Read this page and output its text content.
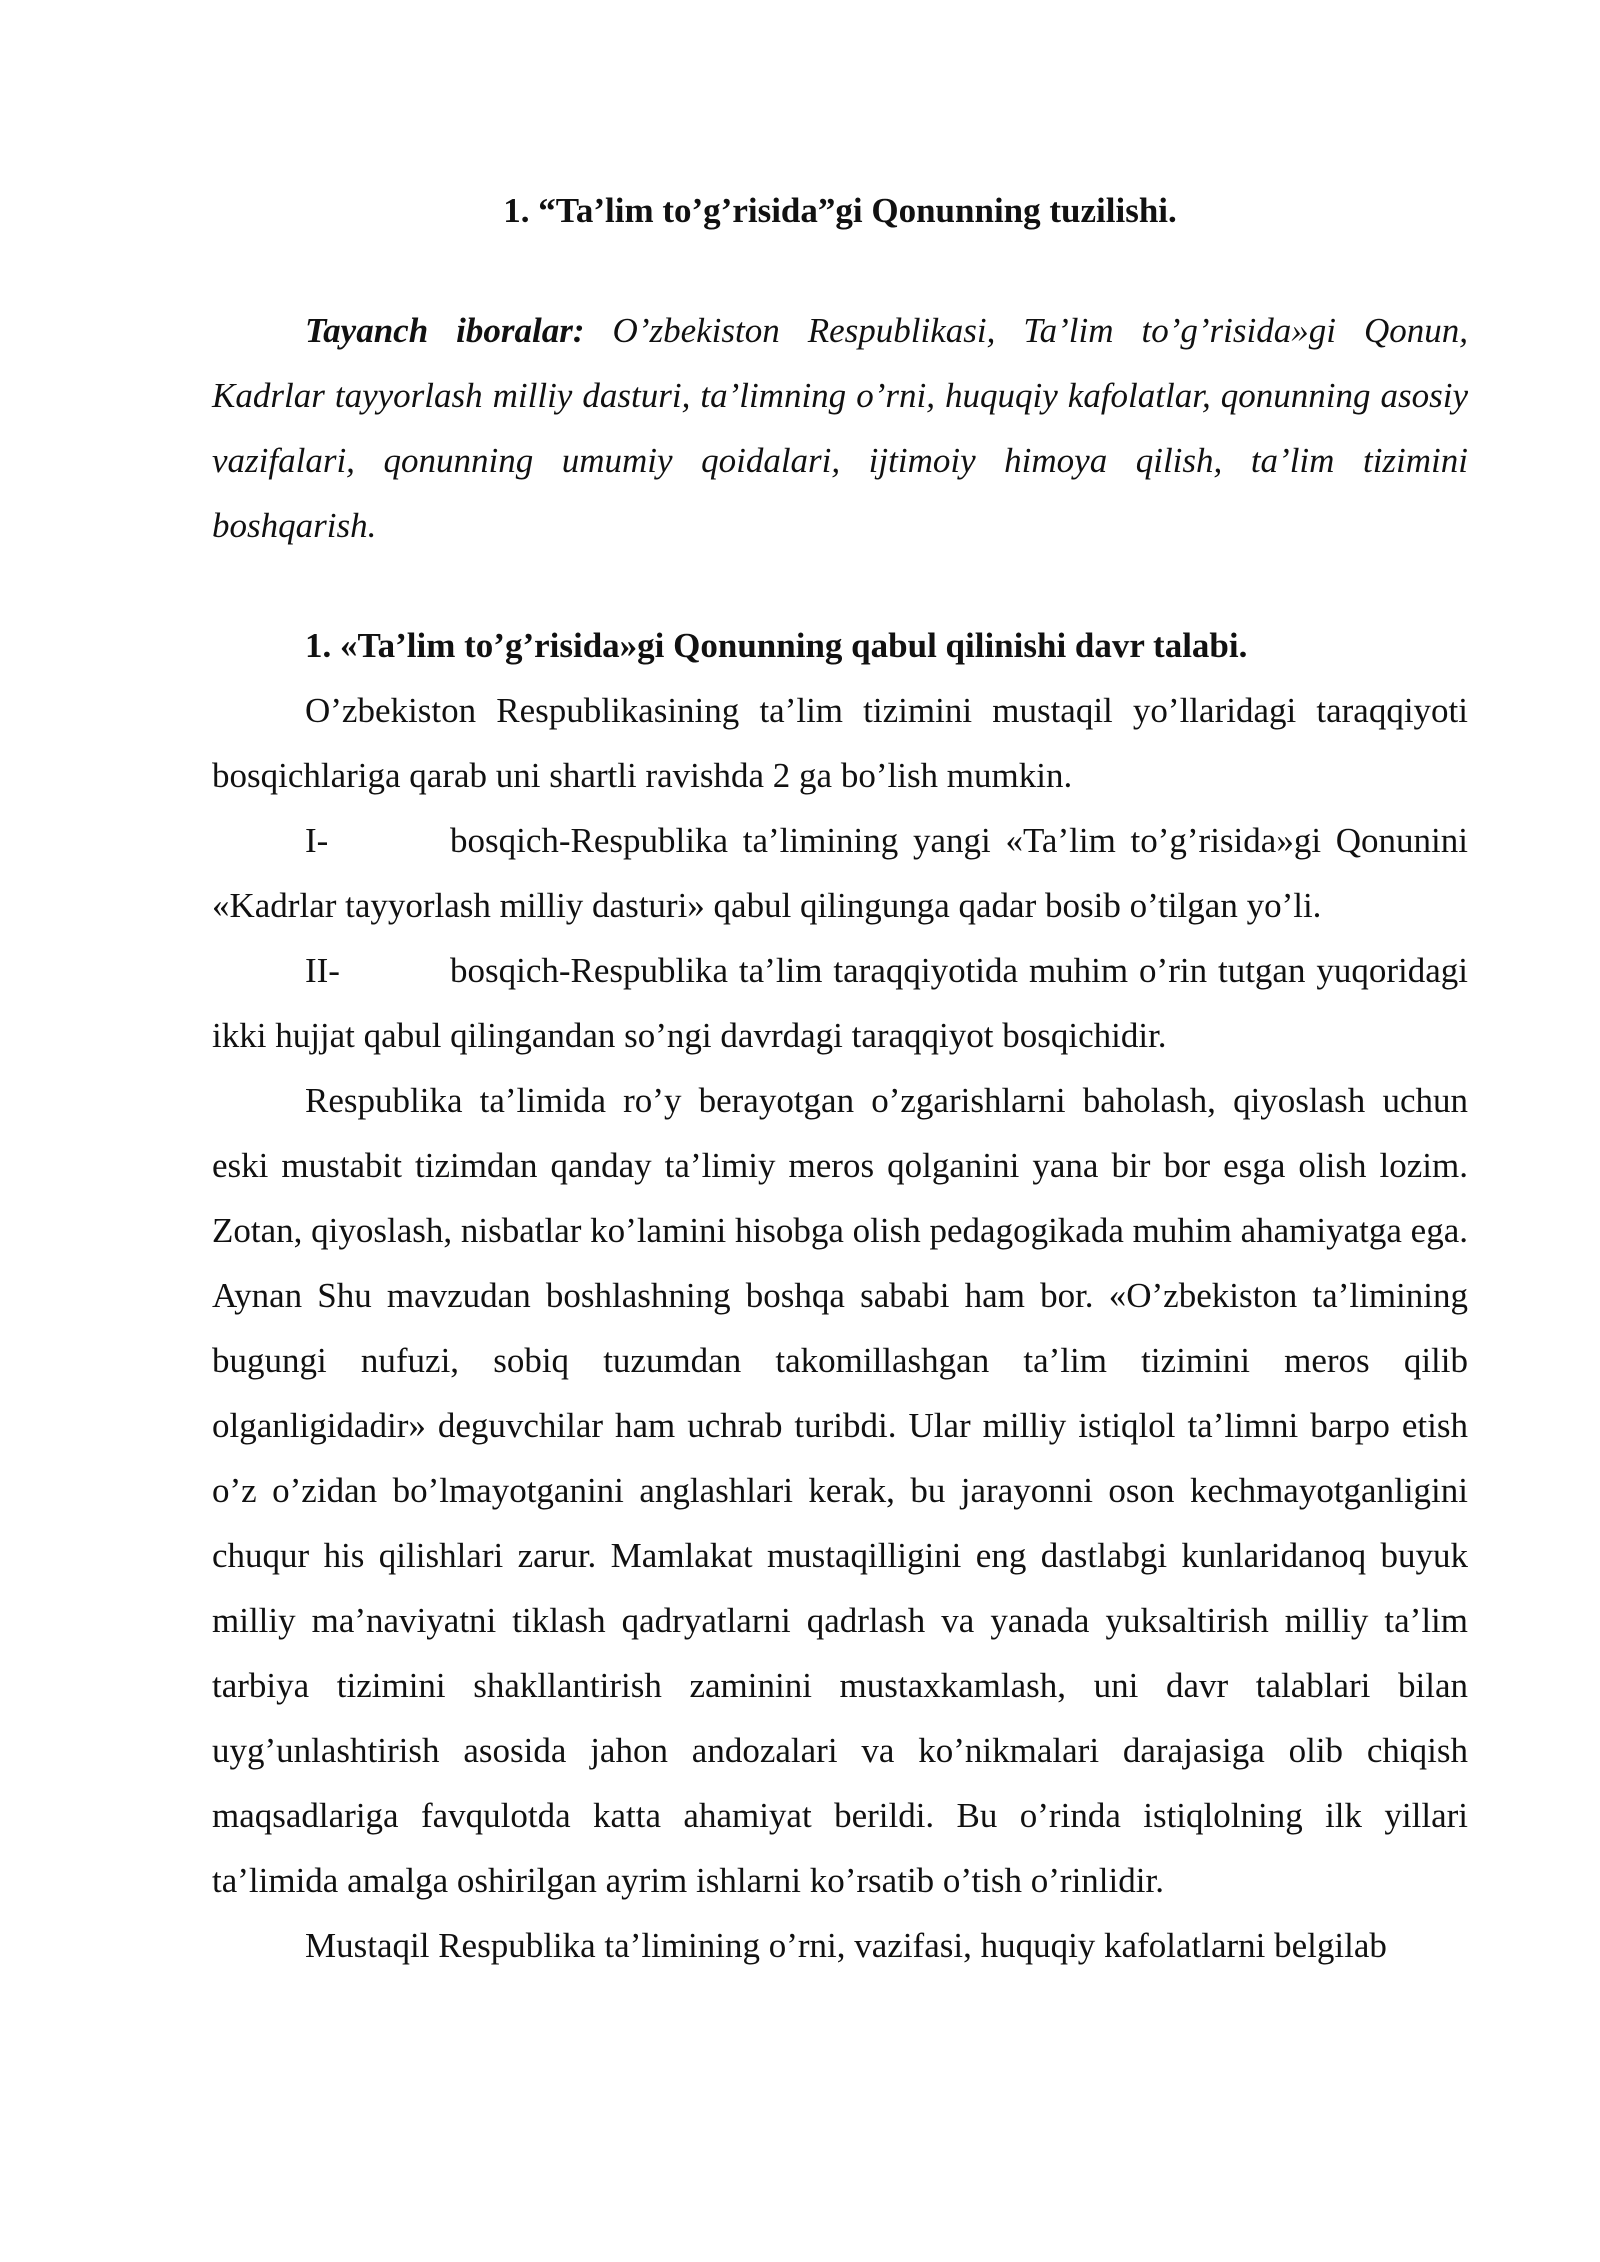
1. “Ta’lim to’g’risida”gi Qonunning tuzilishi.

Tayanch iboralar: O’zbekiston Respublikasi, Ta’lim to’g’risida»gi Qonun, Kadrlar tayyorlash milliy dasturi, ta’limning o’rni, huquqiy kafolatlar, qonunning asosiy vazifalari, qonunning umumiy qoidalari, ijtimoiy himoya qilish, ta’lim tizimini boshqarish.

1. «Ta’lim to’g’risida»gi Qonunning qabul qilinishi davr talabi.

O’zbekiston Respublikasining ta’lim tizimini mustaqil yo’llaridagi taraqqiyoti bosqichlariga qarab uni shartli ravishda 2 ga bo’lish mumkin.

I-	bosqich-Respublika ta’limining yangi «Ta’lim to’g’risida»gi Qonunini «Kadrlar tayyorlash milliy dasturi» qabul qilingunga qadar bosib o’tilgan yo’li.

II-	bosqich-Respublika ta’lim taraqqiyotida muhim o’rin tutgan yuqoridagi ikki hujjat qabul qilingandan so’ngi davrdagi taraqqiyot bosqichidir.

Respublika ta’limida ro’y berayotgan o’zgarishlarni baholash, qiyoslash uchun eski mustabit tizimdan qanday ta’limiy meros qolganini yana bir bor esga olish lozim. Zotan, qiyoslash, nisbatlar ko’lamini hisobga olish pedagogikada muhim ahamiyatga ega. Aynan Shu mavzudan boshlashning boshqa sababi ham bor. «O’zbekiston ta’limining bugungi nufuzi, sobiq tuzumdan takomillashgan ta’lim tizimini meros qilib olganligidadir» deguvchilar ham uchrab turibdi. Ular milliy istiqlol ta’limni barpo etish o’z o’zidan bo’lmayotganini anglashlari kerak, bu jarayonni oson kechmayotganligini chuqur his qilishlari zarur. Mamlakat mustaqilligini eng dastlabgi kunlaridanoq buyuk milliy ma’naviyatni tiklash qadryatlarni qadrlash va yanada yuksaltirish milliy ta’lim tarbiya tizimini shakllantirish zaminini mustaxkamlash, uni davr talablari bilan uyg’unlashtirish asosida jahon andozalari va ko’nikmalari darajasiga olib chiqish maqsadlariga favqulotda katta ahamiyat berildi. Bu o’rinda istiqlolning ilk yillari ta’limida amalga oshirilgan ayrim ishlarni ko’rsatib o’tish o’rinlidir.

Mustaqil Respublika ta’limining o’rni, vazifasi, huquqiy kafolatlarni belgilab
